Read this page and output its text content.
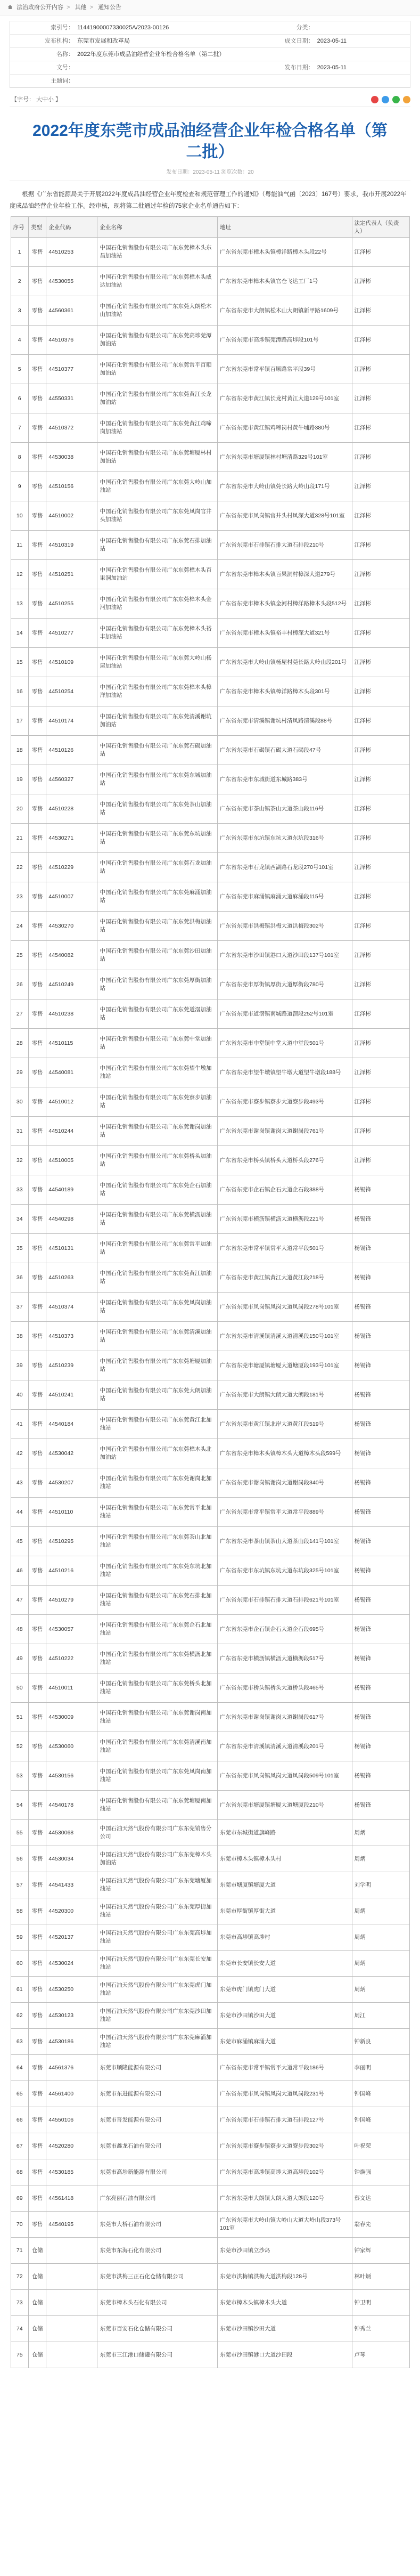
法治政府公开内容 > 其他 > 通知公告
索引号： 11441900007330025A/2023-00126	分类：
发布机构： 东莞市发展和改革局	成文日期： 2023-05-11
名称： 2022年度东莞市成品油经营企业年检合格名单（第二批）
文号：	发布日期： 2023-05-11
主题词：
【字号： 大中小 】
2022年度东莞市成品油经营企业年检合格名单（第二批）
发布日期：2023-05-11 浏览次数：20
根据《广东省能源局关于开展2022年度成品油经营企业年度检查和规范管理工作的通知》（粤能油气函〔2023〕167号）要求，我市开展2022年度成品油经营企业年检工作。经审核，现将第二批通过年检的75家企业名单通告如下：
序号	类型	企业代码	企业名称	地址	法定代表人（负责人）
1	零售	44510253	中国石化销售股份有限公司广东东莞樟木头东昌加油站	广东省东莞市樟木头镇樟洋路樟木头段22号	江泽彬
2	零售	44530055	中国石化销售股份有限公司广东东莞樟木头威达加油站	广东省东莞市樟木头镇官仓飞达工厂1号	江泽彬
3	零售	44560361	中国石化销售股份有限公司广东东莞大朗松木山加油站	广东省东莞市大朗镇松木山大朗镇新甲路1609号	江泽彬
4	零售	44510376	中国石化销售股份有限公司广东东莞高埗莞潭加油站	广东省东莞市高埗镇莞潭路高埗段101号	江泽彬
5	零售	44510377	中国石化销售股份有限公司广东东莞常平百顺加油站	广东省东莞市常平镇百顺路常平段39号	江泽彬
6	零售	44550331	中国石化销售股份有限公司广东东莞黄江长龙加油站	广东省东莞市黄江镇长龙村黄江大道129号101室	江泽彬
7	零售	44510372	中国石化销售股份有限公司广东东莞黄江鸡啼岗加油站	广东省东莞市黄江镇鸡啼岗村黄牛埔路380号	江泽彬
8	零售	44530038	中国石化销售股份有限公司广东东莞塘厦林村加油站	广东省东莞市塘厦镇林村塘清路329号101室	江泽彬
9	零售	44510156	中国石化销售股份有限公司广东东莞大岭山加油站	广东省东莞市大岭山镇莞长路大岭山段171号	江泽彬
10	零售	44510002	中国石化销售股份有限公司广东东莞凤岗官井头加油站	广东省东莞市凤岗镇官井头村凤深大道328号101室	江泽彬
11	零售	44510319	中国石化销售股份有限公司广东东莞石排加油站	广东省东莞市石排镇石排大道石排段210号	江泽彬
12	零售	44510251	中国石化销售股份有限公司广东东莞樟木头百果洞加油站	广东省东莞市樟木头镇百果洞村樟深大道279号	江泽彬
13	零售	44510255	中国石化销售股份有限公司广东东莞樟木头金河加油站	广东省东莞市樟木头镇金河村樟洋路樟木头段512号	江泽彬
14	零售	44510277	中国石化销售股份有限公司广东东莞樟木头裕丰加油站	广东省东莞市樟木头镇裕丰村樟深大道321号	江泽彬
15	零售	44510109	中国石化销售股份有限公司广东东莞大岭山杨屋加油站	广东省东莞市大岭山镇杨屋村莞长路大岭山段201号	江泽彬
16	零售	44510254	中国石化销售股份有限公司广东东莞樟木头樟洋加油站	广东省东莞市樟木头镇樟洋路樟木头段301号	江泽彬
17	零售	44510174	中国石化销售股份有限公司广东东莞清溪谢坑加油站	广东省东莞市清溪镇谢坑村清凤路清溪段88号	江泽彬
18	零售	44510126	中国石化销售股份有限公司广东东莞石碣加油站	广东省东莞市石碣镇石碣大道石碣段47号	江泽彬
19	零售	44560327	中国石化销售股份有限公司广东东莞东城加油站	广东省东莞市东城街道东城路383号	江泽彬
20	零售	44510228	中国石化销售股份有限公司广东东莞茶山加油站	广东省东莞市茶山镇茶山大道茶山段116号	江泽彬
21	零售	44530271	中国石化销售股份有限公司广东东莞东坑加油站	广东省东莞市东坑镇东坑大道东坑段316号	江泽彬
22	零售	44510229	中国石化销售股份有限公司广东东莞石龙加油站	广东省东莞市石龙镇西湖路石龙段270号101室	江泽彬
23	零售	44510007	中国石化销售股份有限公司广东东莞麻涌加油站	广东省东莞市麻涌镇麻涌大道麻涌段115号	江泽彬
24	零售	44530270	中国石化销售股份有限公司广东东莞洪梅加油站	广东省东莞市洪梅镇洪梅大道洪梅段302号	江泽彬
25	零售	44540082	中国石化销售股份有限公司广东东莞沙田加油站	广东省东莞市沙田镇港口大道沙田段137号101室	江泽彬
26	零售	44510249	中国石化销售股份有限公司广东东莞厚街加油站	广东省东莞市厚街镇厚街大道厚街段780号	江泽彬
27	零售	44510238	中国石化销售股份有限公司广东东莞道滘加油站	广东省东莞市道滘镇南城路道滘段252号101室	江泽彬
28	零售	44510115	中国石化销售股份有限公司广东东莞中堂加油站	广东省东莞市中堂镇中堂大道中堂段501号	江泽彬
29	零售	44540081	中国石化销售股份有限公司广东东莞望牛墩加油站	广东省东莞市望牛墩镇望牛墩大道望牛墩段188号	江泽彬
30	零售	44510012	中国石化销售股份有限公司广东东莞寮步加油站	广东省东莞市寮步镇寮步大道寮步段493号	江泽彬
31	零售	44510244	中国石化销售股份有限公司广东东莞谢岗加油站	广东省东莞市谢岗镇谢岗大道谢岗段761号	江泽彬
32	零售	44510005	中国石化销售股份有限公司广东东莞桥头加油站	广东省东莞市桥头镇桥头大道桥头段276号	江泽彬
33	零售	44540189	中国石化销售股份有限公司广东东莞企石加油站	广东省东莞市企石镇企石大道企石段388号	杨锡锋
34	零售	44540298	中国石化销售股份有限公司广东东莞横沥加油站	广东省东莞市横沥镇横沥大道横沥段221号	杨锡锋
35	零售	44510131	中国石化销售股份有限公司广东东莞常平加油站	广东省东莞市常平镇常平大道常平段501号	杨锡锋
36	零售	44510263	中国石化销售股份有限公司广东东莞黄江加油站	广东省东莞市黄江镇黄江大道黄江段218号	杨锡锋
37	零售	44510374	中国石化销售股份有限公司广东东莞凤岗加油站	广东省东莞市凤岗镇凤岗大道凤岗段278号101室	杨锡锋
38	零售	44510373	中国石化销售股份有限公司广东东莞清溪加油站	广东省东莞市清溪镇清溪大道清溪段150号101室	杨锡锋
39	零售	44510239	中国石化销售股份有限公司广东东莞塘厦加油站	广东省东莞市塘厦镇塘厦大道塘厦段193号101室	杨锡锋
40	零售	44510241	中国石化销售股份有限公司广东东莞大朗加油站	广东省东莞市大朗镇大朗大道大朗段181号	杨锡锋
41	零售	44540184	中国石化销售股份有限公司广东东莞黄江北加油站	广东省东莞市黄江镇北岸大道黄江段519号	杨锡锋
42	零售	44530042	中国石化销售股份有限公司广东东莞樟木头北加油站	广东省东莞市樟木头镇樟木头大道樟木头段599号	杨锡锋
43	零售	44530207	中国石化销售股份有限公司广东东莞谢岗北加油站	广东省东莞市谢岗镇谢岗大道谢岗段340号	杨锡锋
44	零售	44510110	中国石化销售股份有限公司广东东莞常平北加油站	广东省东莞市常平镇常平大道常平段889号	杨锡锋
45	零售	44510295	中国石化销售股份有限公司广东东莞茶山北加油站	广东省东莞市茶山镇茶山大道茶山段141号101室	杨锡锋
46	零售	44510216	中国石化销售股份有限公司广东东莞东坑北加油站	广东省东莞市东坑镇东坑大道东坑段325号101室	杨锡锋
47	零售	44510279	中国石化销售股份有限公司广东东莞石排北加油站	广东省东莞市石排镇石排大道石排段621号101室	杨锡锋
48	零售	44530057	中国石化销售股份有限公司广东东莞企石北加油站	广东省东莞市企石镇企石大道企石段695号	杨锡锋
49	零售	44510222	中国石化销售股份有限公司广东东莞横沥北加油站	广东省东莞市横沥镇横沥大道横沥段517号	杨锡锋
50	零售	44510011	中国石化销售股份有限公司广东东莞桥头北加油站	广东省东莞市桥头镇桥头大道桥头段465号	杨锡锋
51	零售	44530009	中国石化销售股份有限公司广东东莞谢岗南加油站	广东省东莞市谢岗镇谢岗大道谢岗段617号	杨锡锋
52	零售	44530060	中国石化销售股份有限公司广东东莞清溪南加油站	广东省东莞市清溪镇清溪大道清溪段201号	杨锡锋
53	零售	44530156	中国石化销售股份有限公司广东东莞凤岗南加油站	广东省东莞市凤岗镇凤岗大道凤岗段509号101室	杨锡锋
54	零售	44540178	中国石化销售股份有限公司广东东莞塘厦南加油站	广东省东莞市塘厦镇塘厦大道塘厦段210号	杨锡锋
55	零售	44530068	中国石油天然气股份有限公司广东东莞销售分公司	东莞市东城街道旗峰路	周炳
56	零售	44530034	中国石油天然气股份有限公司广东东莞樟木头加油站	东莞市樟木头镇樟木头村	周炳
57	零售	44541433	中国石油天然气股份有限公司广东东莞塘厦加油站	东莞市塘厦镇塘厦大道	刘学明
58	零售	44520300	中国石油天然气股份有限公司广东东莞厚街加油站	东莞市厚街镇厚街大道	周炳
59	零售	44520137	中国石油天然气股份有限公司广东东莞高埗加油站	东莞市高埗镇高埗村	周炳
60	零售	44530024	中国石油天然气股份有限公司广东东莞长安加油站	东莞市长安镇长安大道	周炳
61	零售	44530250	中国石油天然气股份有限公司广东东莞虎门加油站	东莞市虎门镇虎门大道	周炳
62	零售	44530123	中国石油天然气股份有限公司广东东莞沙田加油站	东莞市沙田镇沙田大道	周江
63	零售	44530186	中国石油天然气股份有限公司广东东莞麻涌加油站	东莞市麻涌镇麻涌大道	钟新良
64	零售	44561376	东莞市顺隆能源有限公司	广东省东莞市常平镇常平大道常平段186号	李丽明
65	零售	44561400	东莞市东进能源有限公司	广东省东莞市凤岗镇凤岗大道凤岗段231号	钟国峰
66	零售	44550106	东莞市晋发能源有限公司	广东省东莞市石排镇石排大道石排段127号	钟国峰
67	零售	44520280	东莞市鑫龙石油有限公司	广东省东莞市寮步镇寮步大道寮步段302号	叶祝荣
68	零售	44530185	东莞市高埗新能源有限公司	广东省东莞市高埗镇高埗大道高埗段102号	钟焕强
69	零售	44561418	广东亮丽石油有限公司	广东省东莞市大朗镇大朗大道大朗段120号	蔡文达
70	零售	44540195	东莞市大桥石油有限公司	广东省东莞市大岭山镇大岭山大道大岭山段373号101室	翁春先
71	仓储		东莞市东海石化有限公司	东莞市沙田镇立沙岛	钟家辉
72	仓储		东莞市洪梅三正石化仓储有限公司	东莞市洪梅镇洪梅大道洪梅段128号	林叶炳
73	仓储		东莞市樟木头石化有限公司	东莞市樟木头镇樟木头大道	钟卫明
74	仓储		东莞市百安石化仓储有限公司	东莞市沙田镇沙田大道	钟秀兰
75	仓储		东莞市三江港口储罐有限公司	东莞市沙田镇港口大道沙田段	卢琴
